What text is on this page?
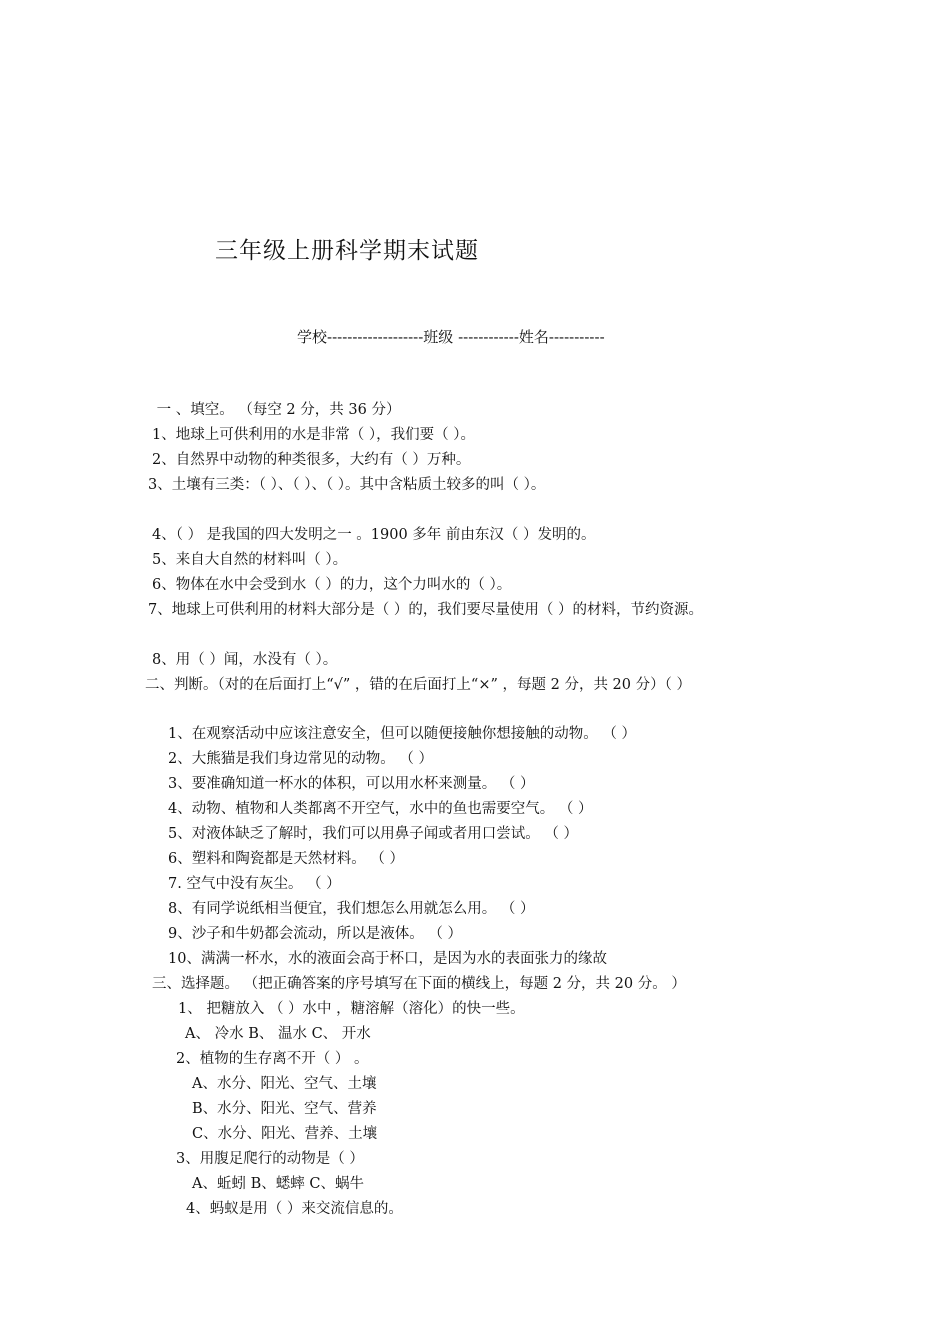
三年级上册科学期末试题
学校-------------------班级 ------------姓名-----------
一 、填空。 （每空 2 分，共 36 分）
1、地球上可供利用的水是非常（ ），我们要（ ）。
2、自然界中动物的种类很多，大约有（ ）万种。
3、土壤有三类：（ ）、（ ）、（ ）。其中含粘质土较多的叫（ ）。
4、（ ） 是我国的四大发明之一 。1900 多年 前由东汉（ ）发明的。
5、来自大自然的材料叫（ ）。
6、物体在水中会受到水（ ）的力，这个力叫水的（ ）。
7、地球上可供利用的材料大部分是（ ）的，我们要尽量使用（ ）的材料，节约资源。
8、用（ ）闻，水没有（ ）。
二、判断。（对的在后面打上“√” ，错的在后面打上“×” ，每题 2 分，共 20 分）（ ）
1、在观察活动中应该注意安全，但可以随便接触你想接触的动物。 （ ）
2、大熊猫是我们身边常见的动物。 （ ）
3、要准确知道一杯水的体积，可以用水杯来测量。 （ ）
4、动物、植物和人类都离不开空气，水中的鱼也需要空气。 （ ）
5、对液体缺乏了解时，我们可以用鼻子闻或者用口尝试。 （ ）
6、塑料和陶瓷都是天然材料。 （ ）
7. 空气中没有灰尘。 （ ）
8、有同学说纸相当便宜，我们想怎么用就怎么用。 （ ）
9、沙子和牛奶都会流动，所以是液体。 （ ）
10、满满一杯水，水的液面会高于杯口，是因为水的表面张力的缘故
三、选择题。 （把正确答案的序号填写在下面的横线上，每题 2 分，共 20 分。 ）
1、 把糖放入 （ ）水中 ，糖溶解（溶化）的快一些。
A、 冷水 B、 温水 C、 开水
2、植物的生存离不开（ ） 。
A、水分、阳光、空气、土壤
B、水分、阳光、空气、营养
C、水分、阳光、营养、土壤
3、用腹足爬行的动物是（ ）
A、蚯蚓 B、蟋蟀 C、蜗牛
4、蚂蚁是用（ ）来交流信息的。
